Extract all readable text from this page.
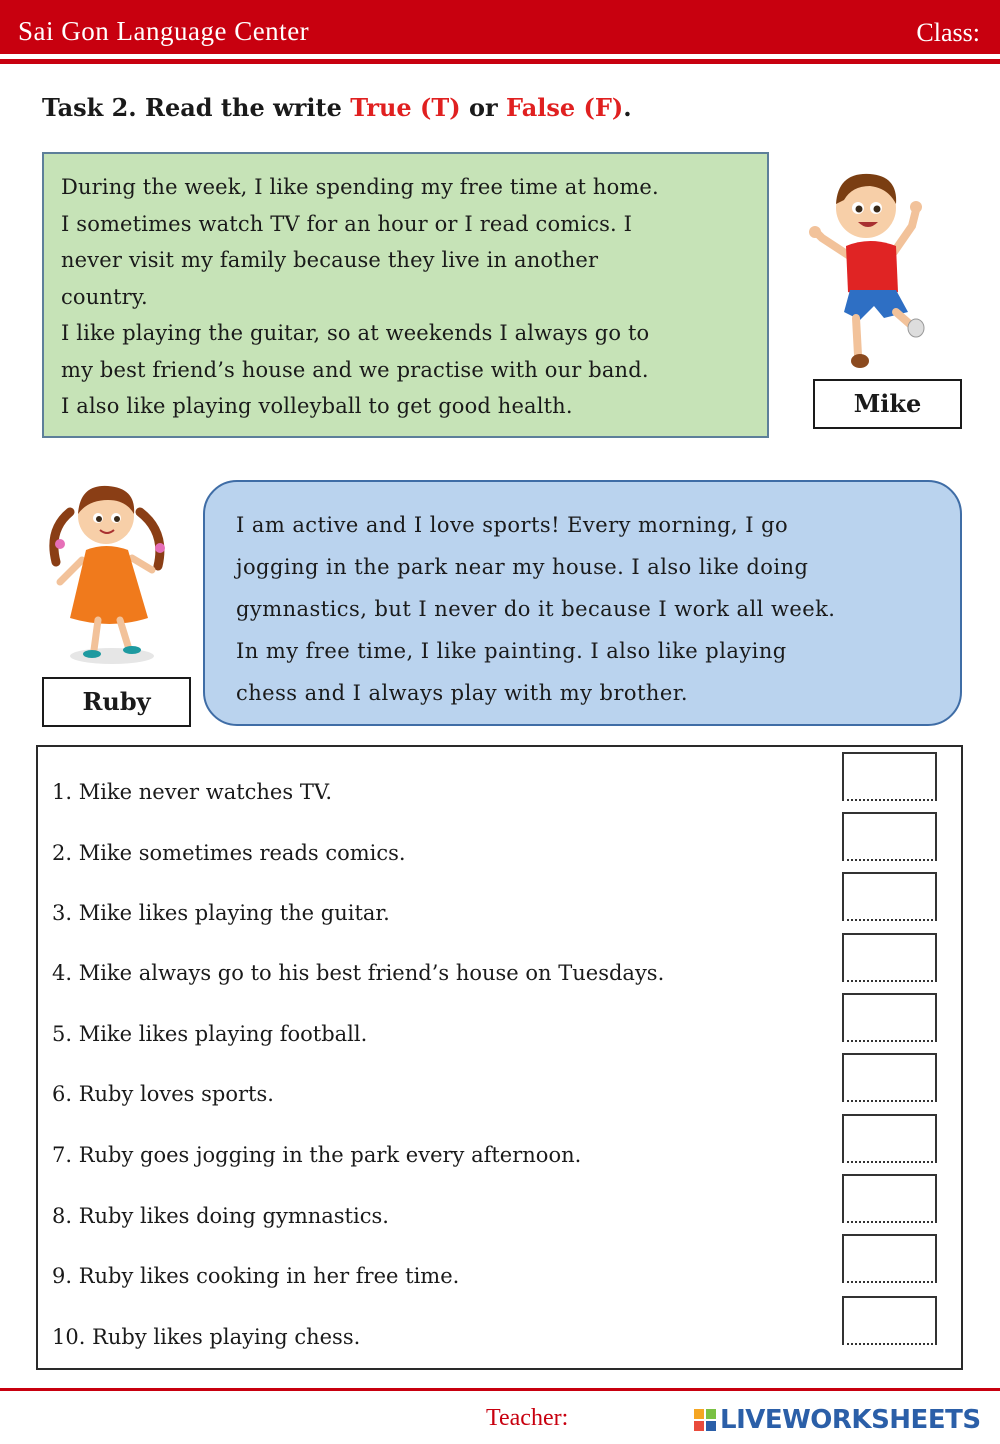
Sai Gon Language Center	Class:
Task 2. Read the write True (T) or False (F).

During the week, I like spending my free time at home.

I sometimes watch TV for an hour or I read comics. I

never visit my family because they live in another

country.

I like playing the guitar, so at weekends I always go to

my best friend’s house and we practise with our band.

I also like playing volleyball to get good health.	Mike
Ruby

I am active and I love sports! Every morning, I go

jogging in the park near my house. I also like doing

gymnastics, but I never do it because I work all week.

In my free time, I like painting. I also like playing

chess and I always play with my brother.

1. Mike never watches TV.
2. Mike sometimes reads comics.
3. Mike likes playing the guitar.
4. Mike always go to his best friend’s house on Tuesdays.
5. Mike likes playing football.
6. Ruby loves sports.
7. Ruby goes jogging in the park every afternoon.
8. Ruby likes doing gymnastics.
9. Ruby likes cooking in her free time.
10. Ruby likes playing chess.
Teacher:	LIVEWORKSHEETS
